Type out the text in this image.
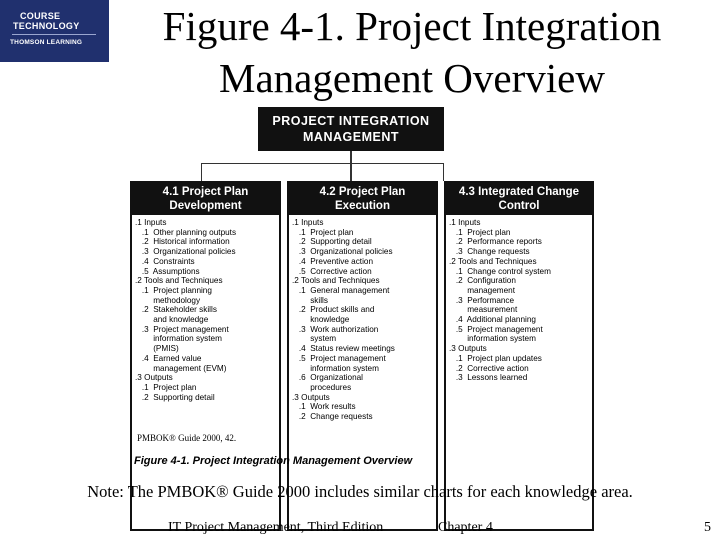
COURSE
TECHNOLOGY
THOMSON LEARNING	Figure 4-1. Project Integration
Management Overview
PROJECT INTEGRATION
MANAGEMENT
4.1 Project Plan
Development
.1 Inputs
.1  Other planning outputs
.2  Historical information
.3  Organizational policies
.4  Constraints
.5  Assumptions
.2 Tools and Techniques
.1  Project planning
methodology
.2  Stakeholder skills
and knowledge
.3  Project management
information system
(PMIS)
.4  Earned value
management (EVM)
.3 Outputs
.1  Project plan
.2  Supporting detail
4.2 Project Plan
Execution
.1 Inputs
.1  Project plan
.2  Supporting detail
.3  Organizational policies
.4  Preventive action
.5  Corrective action
.2 Tools and Techniques
.1  General management
skills
.2  Product skills and
knowledge
.3  Work authorization
system
.4  Status review meetings
.5  Project management
information system
.6  Organizational
procedures
.3 Outputs
.1  Work results
.2  Change requests
4.3 Integrated Change
Control
.1 Inputs
.1  Project plan
.2  Performance reports
.3  Change requests
.2 Tools and Techniques
.1  Change control system
.2  Configuration
management
.3  Performance
measurement
.4  Additional planning
.5  Project management
information system
.3 Outputs
.1  Project plan updates
.2  Corrective action
.3  Lessons learned
PMBOK® Guide 2000, 42.
Figure 4-1. Project Integration Management Overview
Note: The PMBOK® Guide 2000 includes similar charts for each knowledge area.
IT Project Management, Third Edition	Chapter 4	5
